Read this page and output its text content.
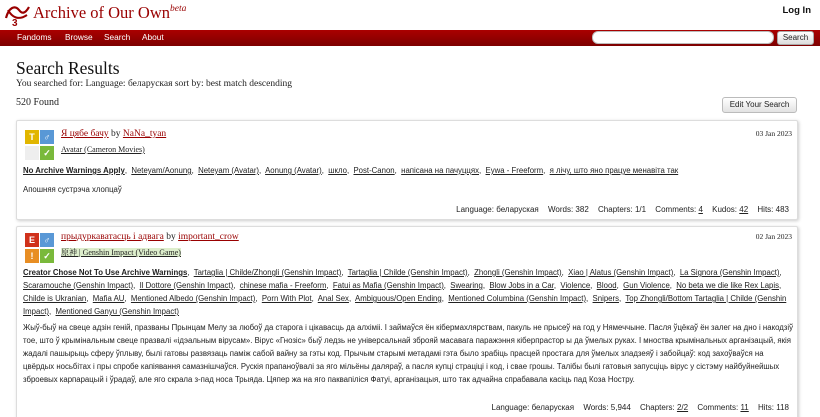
3
Archive of Our Own$^{beta}$	Log In
Fandoms Browse Search About	Search
Search Results
You searched for: Language: беларуская sort by: best match descending
520 Found	Edit Your Search
T ♂
✓
Я цябе бачу by NaNa_tyan
Avatar (Cameron Movies)
03 Jan 2023
No Archive Warnings Apply,  Neteyam/Aonung,  Neteyam (Avatar),  Aonung (Avatar),  шкло,  Post-Canon,  напісана на пачуццях,  Eywa - Freeform,  я лічу, што яно працуе менавіта так
Апошняя сустрэча хлопцаў
Language: беларуская Words: 382 Chapters: 1/1 Comments: 4 Kudos: 42 Hits: 483
E ♂
!	✓
прыдуркаватасць і адвага by important_crow
原神 | Genshin Impact (Video Game)
02 Jan 2023
Creator Chose Not To Use Archive Warnings,  Tartaglia | Childe/Zhongli (Genshin Impact),  Tartaglia | Childe (Genshin Impact),  Zhongli (Genshin Impact),  Xiao | Alatus (Genshin Impact),  La Signora (Genshin Impact),  Scaramouche (Genshin Impact),  Il Dottore (Genshin Impact),  chinese mafia - Freeform,  Fatui as Mafia (Genshin Impact),  Swearing,  Blow Jobs in a Car,  Violence,  Blood,  Gun Violence,  No beta we die like Rex Lapis,  Childe is Ukranian,  Mafia AU,  Mentioned Albedo (Genshin Impact),  Porn With Plot,  Anal Sex,  Ambiguous/Open Ending,  Mentioned Columbina (Genshin Impact),  Snipers,  Top Zhongli/Bottom Tartaglia | Childe (Genshin Impact),  Mentioned Ganyu (Genshin Impact)
Жыў-быў на свеце адзін геній, празваны Прынцам Мелу за любоў да старога і цікавасць да алхіміі. І займаўся ён кібермахлярствам, пакуль не прысеў на год у Нямеччыне. Пасля ўцёкаў ён залег на дно і накодзіў тое, што ў крымінальным свеце празвалі «ідэальным вірусам». Вірус «Гнозіс» быў ледзь не універсальнай зброяй масавага паражэння кіберпрастор ы да ўмелых руках. І мноства крымінальных арганізацый, якія жадалі пашырыць сферу ўплыву, былі гатовы развязаць паміж сабой вайну за гэты код. Прычым старымі метадамі гэта было зрабіць прасцей простага для ўмелых зладзеяў і забойцаў: код захоўваўся на цвёрдых носьбітах і пры спробе капіявання самазнішчаўся. Рускія прапаноўвалі за яго мільёны даляраў, а пасля купці страціці і код, і свае грошы. Талібы былі гатовыя запусціць вірус у сістэму найбуйнейшых зброевых карпарацый і ўрадаў, але яго скрала з-пад носа Трыяда. Цяпер жа на яго паквапіліся Фатуі, арганізацыя, што так адчайна спрабавала касіць пад Коза Ностру.
Language: беларуская Words: 5,944 Chapters: 2/2 Comments: 11 Hits: 118
